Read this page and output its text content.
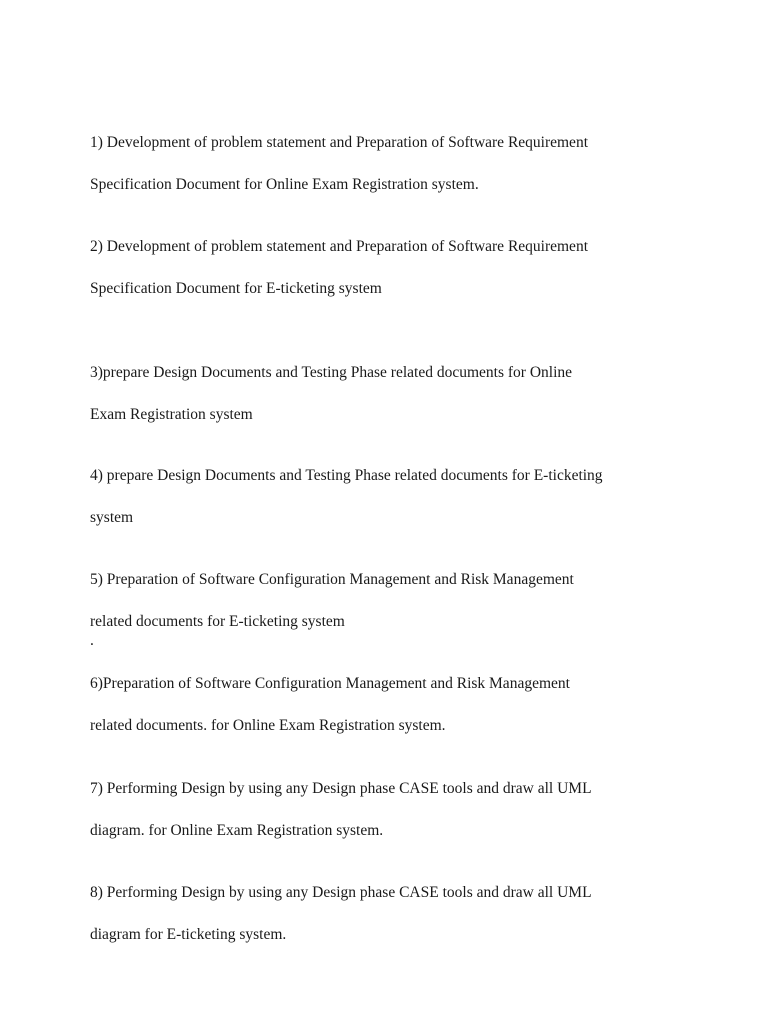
1) Development of problem statement and Preparation of Software Requirement

Specification Document for Online Exam Registration system.

2) Development of problem statement and Preparation of Software Requirement

Specification Document for E-ticketing system

3)prepare Design Documents and Testing Phase related documents for Online

Exam Registration system

4) prepare Design Documents and Testing Phase related documents for E-ticketing

system

5) Preparation of Software Configuration Management and Risk Management

related documents for E-ticketing system

.

6)Preparation of Software Configuration Management and Risk Management

related documents. for Online Exam Registration system.

7) Performing Design by using any Design phase CASE tools and draw all UML

diagram. for Online Exam Registration system.

8) Performing Design by using any Design phase CASE tools and draw all UML

diagram for E-ticketing system.
